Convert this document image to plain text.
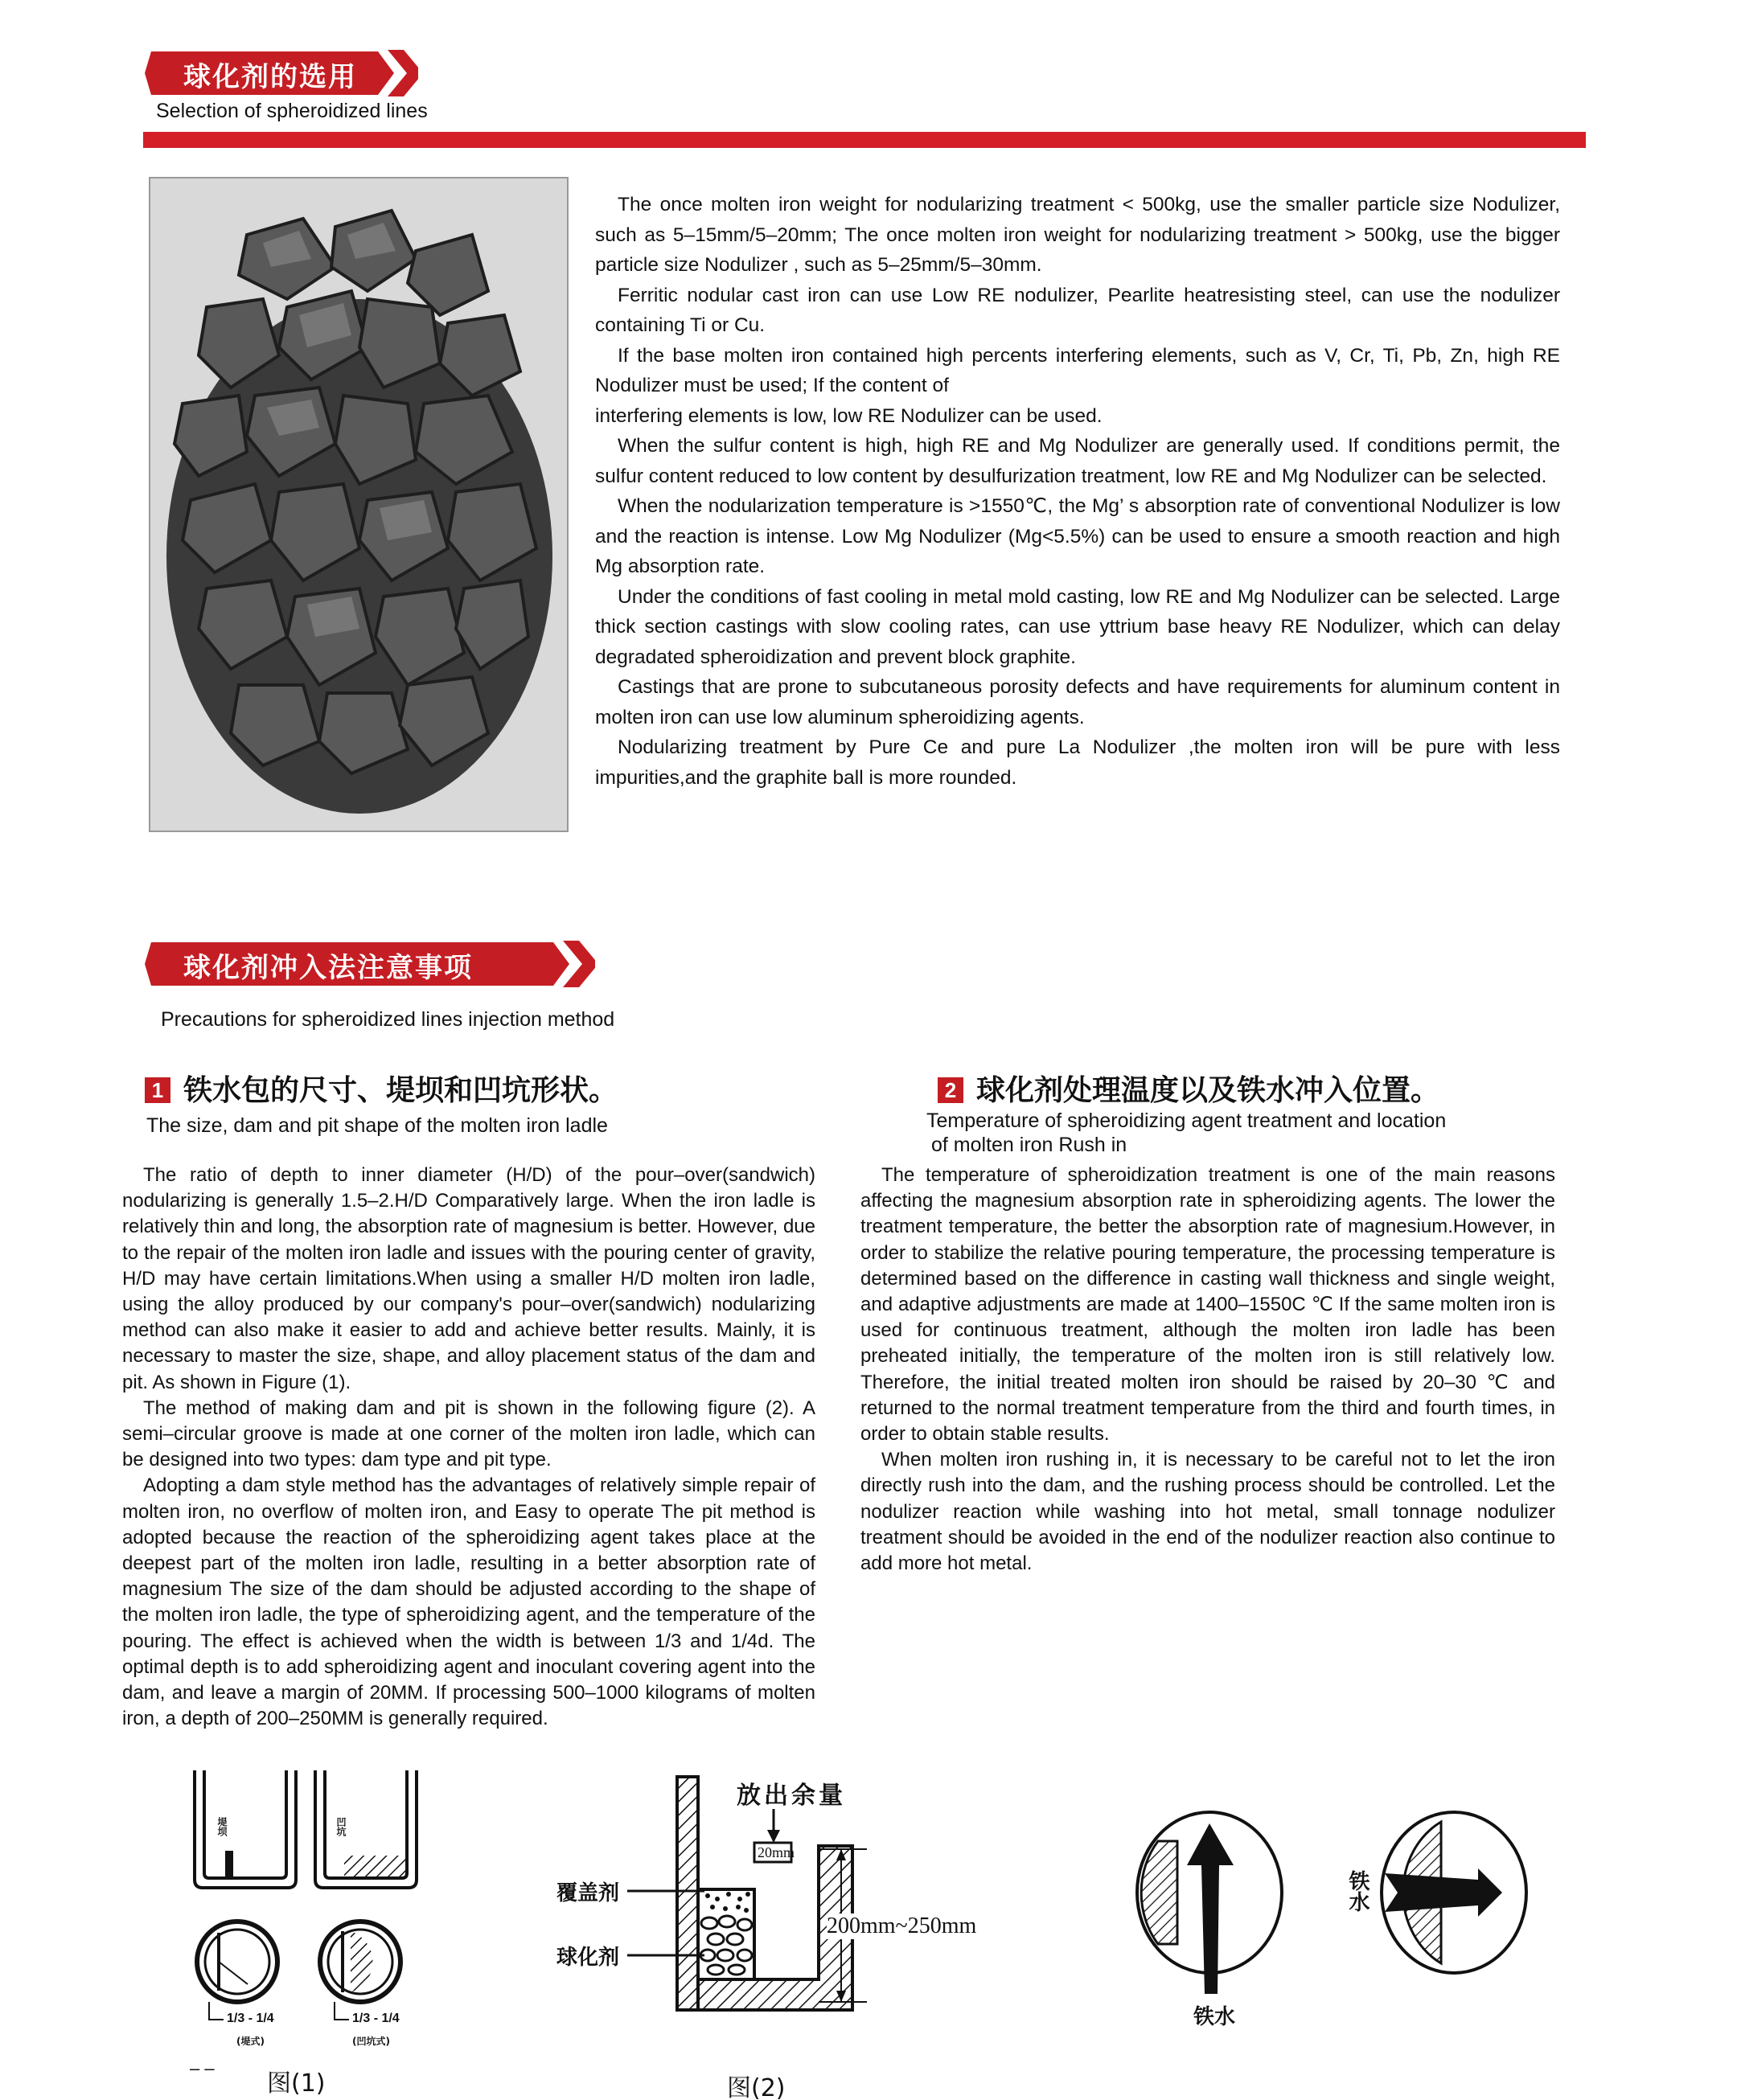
球化剂的选用
Selection of spheroidized lines

The once molten iron weight for nodularizing treatment < 500kg, use the smaller particle size Nodulizer, such as 5–15mm/5–20mm; The once molten iron weight for nodularizing treatment > 500kg, use the bigger particle size Nodulizer , such as 5–25mm/5–30mm.

Ferritic nodular cast iron can use Low RE nodulizer, Pearlite heatresisting steel, can use the nodulizer containing Ti or Cu.

If the base molten iron contained high percents interfering elements, such as V, Cr, Ti, Pb, Zn, high RE Nodulizer must be used; If the content of

interfering elements is low, low RE Nodulizer can be used.

When the sulfur content is high, high RE and Mg Nodulizer are generally used. If conditions permit, the sulfur content reduced to low content by desulfurization treatment, low RE and Mg Nodulizer can be selected.

When the nodularization temperature is >1550℃, the Mg’ s absorption rate of conventional Nodulizer is low and the reaction is intense. Low Mg Nodulizer (Mg<5.5%) can be used to ensure a smooth reaction and high Mg absorption rate.

Under the conditions of fast cooling in metal mold casting, low RE and Mg Nodulizer can be selected. Large thick section castings with slow cooling rates, can use yttrium base heavy RE Nodulizer, which can delay degradated spheroidization and prevent block graphite.

Castings that are prone to subcutaneous porosity defects and have requirements for aluminum content in molten iron can use low aluminum spheroidizing agents.

Nodularizing treatment by Pure Ce and pure La Nodulizer ,the molten iron will be pure with less impurities,and the graphite ball is more rounded.

球化剂冲入法注意事项
Precautions for spheroidized lines injection method
1 铁水包的尺寸、堤坝和凹坑形状。
The size, dam and pit shape of the molten iron ladle

The ratio of depth to inner diameter (H/D) of the pour–over(sandwich) nodularizing is generally 1.5–2.H/D Comparatively large. When the iron ladle is relatively thin and long, the absorption rate of magnesium is better. However, due to the repair of the molten iron ladle and issues with the pouring center of gravity, H/D may have certain limitations.When using a smaller H/D molten iron ladle, using the alloy produced by our company's pour–over(sandwich) nodularizing method can also make it easier to add and achieve better results. Mainly, it is necessary to master the size, shape, and alloy placement status of the dam and pit. As shown in Figure (1).

The method of making dam and pit is shown in the following figure (2). A semi–circular groove is made at one corner of the molten iron ladle, which can be designed into two types: dam type and pit type.

Adopting a dam style method has the advantages of relatively simple repair of molten iron, no overflow of molten iron, and Easy to operate The pit method is adopted because the reaction of the spheroidizing agent takes place at the deepest part of the molten iron ladle, resulting in a better absorption rate of magnesium The size of the dam should be adjusted according to the shape of the molten iron ladle, the type of spheroidizing agent, and the temperature of the pouring. The effect is achieved when the width is between 1/3 and 1/4d. The optimal depth is to add spheroidizing agent and inoculant covering agent into the dam, and leave a margin of 20MM. If processing 500–1000 kilograms of molten iron, a depth of 200–250MM is generally required.

2 球化剂处理温度以及铁水冲入位置。
Temperature of spheroidizing agent treatment and location
of molten iron Rush in

The temperature of spheroidization treatment is one of the main reasons affecting the magnesium absorption rate in spheroidizing agents. The lower the treatment temperature, the better the absorption rate of magnesium.However, in order to stabilize the relative pouring temperature, the processing temperature is determined based on the difference in casting wall thickness and single weight, and adaptive adjustments are made at 1400–1550C ℃ If the same molten iron is used for continuous treatment, although the molten iron ladle has been preheated initially, the temperature of the molten iron is still relatively low. Therefore, the initial treated molten iron should be raised by 20–30 ℃ and returned to the normal treatment temperature from the third and fourth times, in order to obtain stable results.

When molten iron rushing in, it is necessary to be careful not to let the iron directly rush into the dam, and the rushing process should be controlled. Let the nodulizer reaction while washing into hot metal, small tonnage nodulizer treatment should be avoided in the end of the nodulizer reaction also continue to add more hot metal.

堤坝	凹坑
1/3 - 1/4	1/3 - 1/4
(堤式)	(凹坑式)
– –
图(1)
放出余量
20mm
200mm~250mm
覆盖剂
球化剂
图(2)
铁水
铁水
